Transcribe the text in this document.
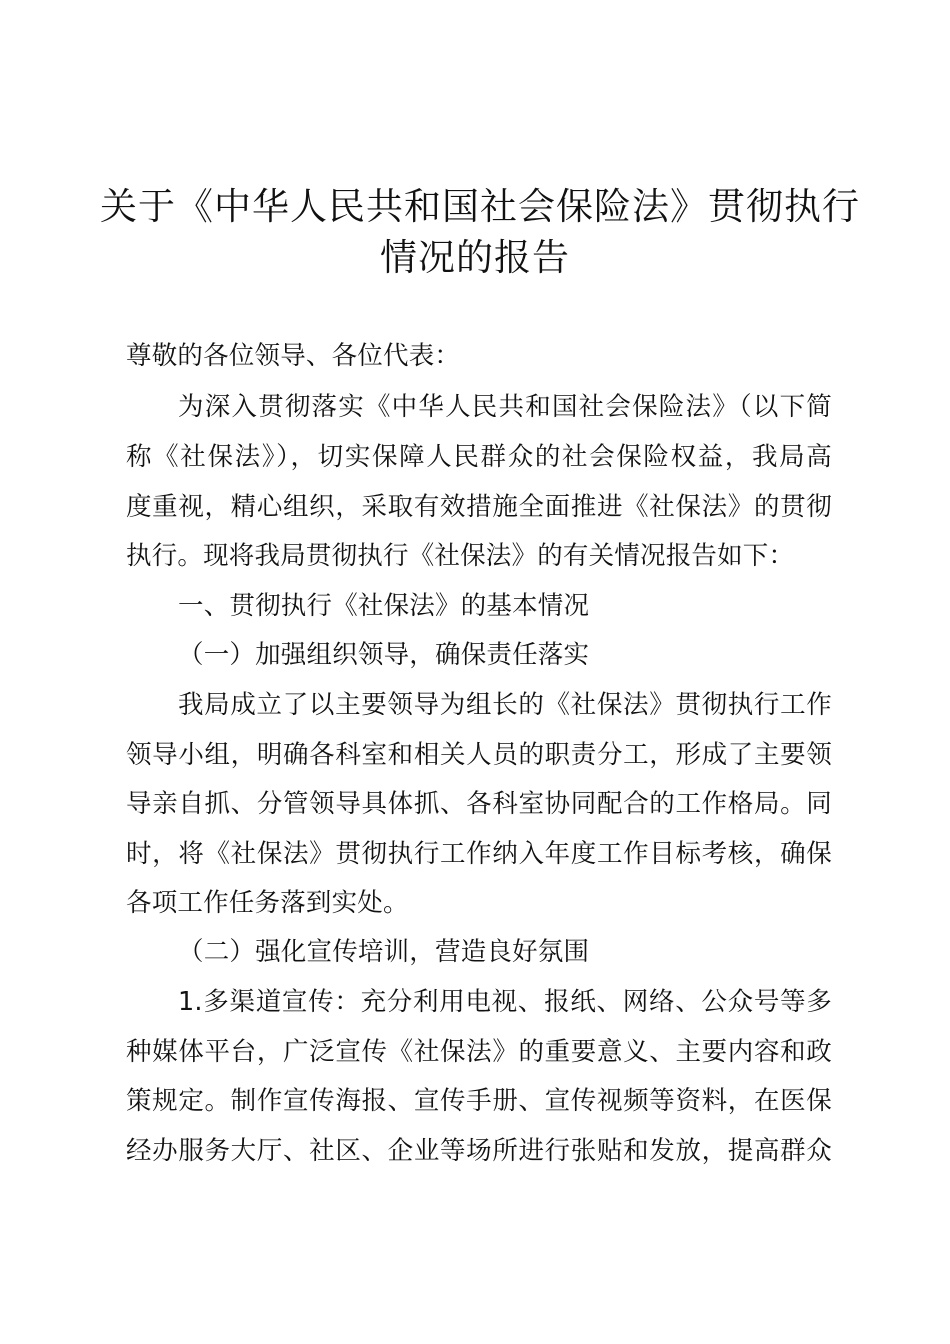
关于《中华人民共和国社会保险法》贯彻执行
情况的报告

尊敬的各位领导、各位代表：

为深入贯彻落实《中华人民共和国社会保险法》（以下简

称《社保法》），切实保障人民群众的社会保险权益，我局高

度重视，精心组织，采取有效措施全面推进《社保法》的贯彻

执行。现将我局贯彻执行《社保法》的有关情况报告如下：

一、贯彻执行《社保法》的基本情况

（一）加强组织领导，确保责任落实

我局成立了以主要领导为组长的《社保法》贯彻执行工作

领导小组，明确各科室和相关人员的职责分工，形成了主要领

导亲自抓、分管领导具体抓、各科室协同配合的工作格局。同

时，将《社保法》贯彻执行工作纳入年度工作目标考核，确保

各项工作任务落到实处。

（二）强化宣传培训，营造良好氛围

1.多渠道宣传：充分利用电视、报纸、网络、公众号等多

种媒体平台，广泛宣传《社保法》的重要意义、主要内容和政

策规定。制作宣传海报、宣传手册、宣传视频等资料，在医保

经办服务大厅、社区、企业等场所进行张贴和发放，提高群众
